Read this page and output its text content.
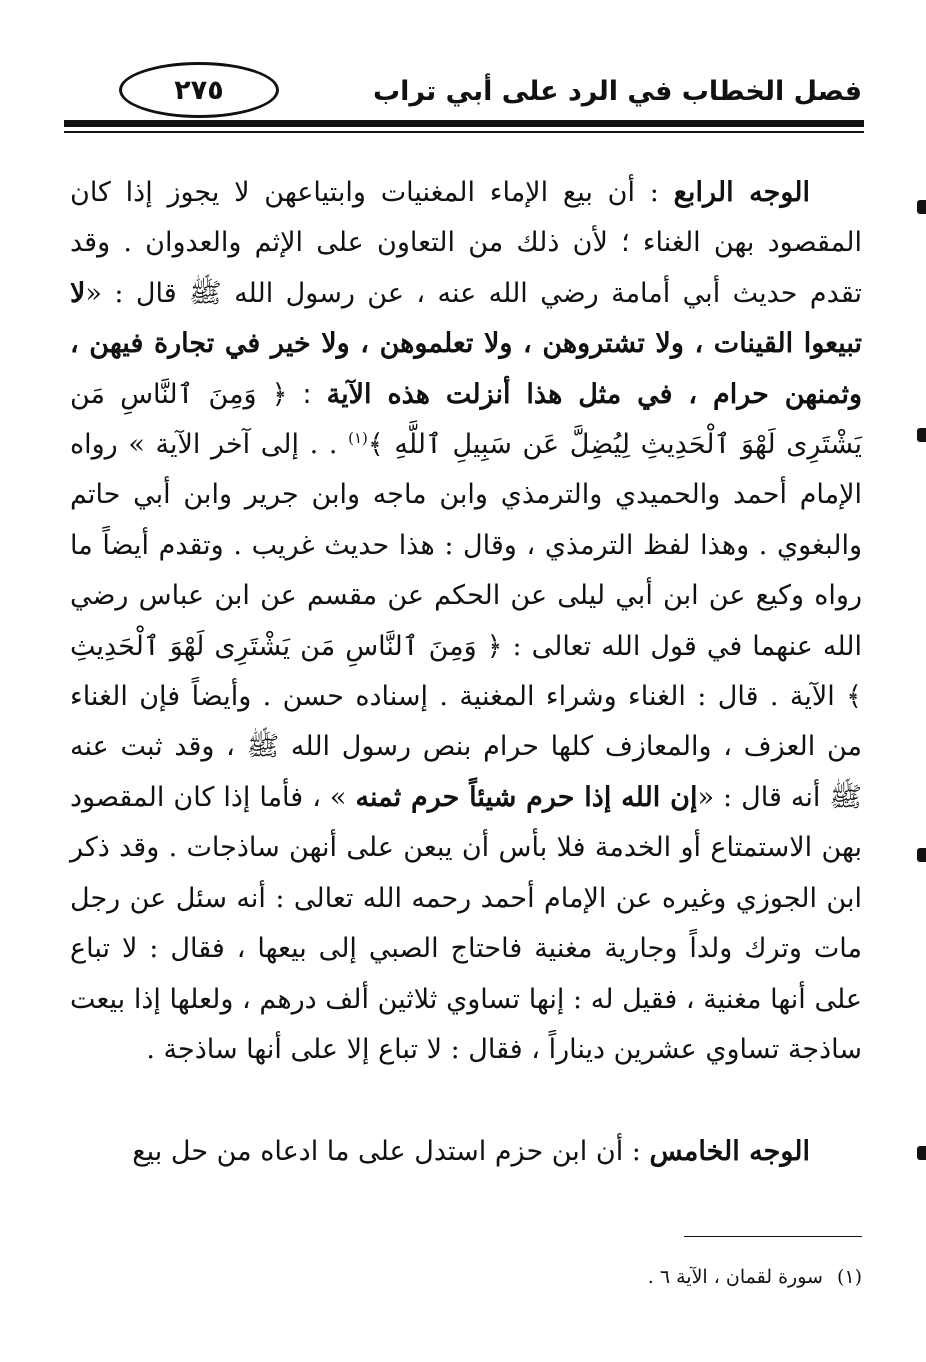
فصل الخطاب في الرد على أبي تراب
٢٧٥

الوجه الرابع : أن بيع الإماء المغنيات وابتياعهن لا يجوز إذا كان المقصود بهن الغناء ؛ لأن ذلك من التعاون على الإثم والعدوان . وقد تقدم حديث أبي أمامة رضي الله عنه ، عن رسول الله ﷺ قال : «لا تبيعوا القينات ، ولا تشتروهن ، ولا تعلموهن ، ولا خير في تجارة فيهن ، وثمنهن حرام ، في مثل هذا أنزلت هذه الآية : ﴿ وَمِنَ ٱلنَّاسِ مَن يَشْتَرِى لَهْوَ ٱلْحَدِيثِ لِيُضِلَّ عَن سَبِيلِ ٱللَّهِ ﴾$^{(١)}$ . . إلى آخر الآية » رواه الإمام أحمد والحميدي والترمذي وابن ماجه وابن جرير وابن أبي حاتم والبغوي . وهذا لفظ الترمذي ، وقال : هذا حديث غريب . وتقدم أيضاً ما رواه وكيع عن ابن أبي ليلى عن الحكم عن مقسم عن ابن عباس رضي الله عنهما في قول الله تعالى : ﴿ وَمِنَ ٱلنَّاسِ مَن يَشْتَرِى لَهْوَ ٱلْحَدِيثِ ﴾ الآية . قال : الغناء وشراء المغنية . إسناده حسن . وأيضاً فإن الغناء من العزف ، والمعازف كلها حرام بنص رسول الله ﷺ ، وقد ثبت عنه ﷺ أنه قال : «إن الله إذا حرم شيئاً حرم ثمنه » ، فأما إذا كان المقصود بهن الاستمتاع أو الخدمة فلا بأس أن يبعن على أنهن ساذجات . وقد ذكر ابن الجوزي وغيره عن الإمام أحمد رحمه الله تعالى : أنه سئل عن رجل مات وترك ولداً وجارية مغنية فاحتاج الصبي إلى بيعها ، فقال : لا تباع على أنها مغنية ، فقيل له : إنها تساوي ثلاثين ألف درهم ، ولعلها إذا بيعت ساذجة تساوي عشرين ديناراً ، فقال : لا تباع إلا على أنها ساذجة .

الوجه الخامس : أن ابن حزم استدل على ما ادعاه من حل بيع

(١)سورة لقمان ، الآية ٦ .
